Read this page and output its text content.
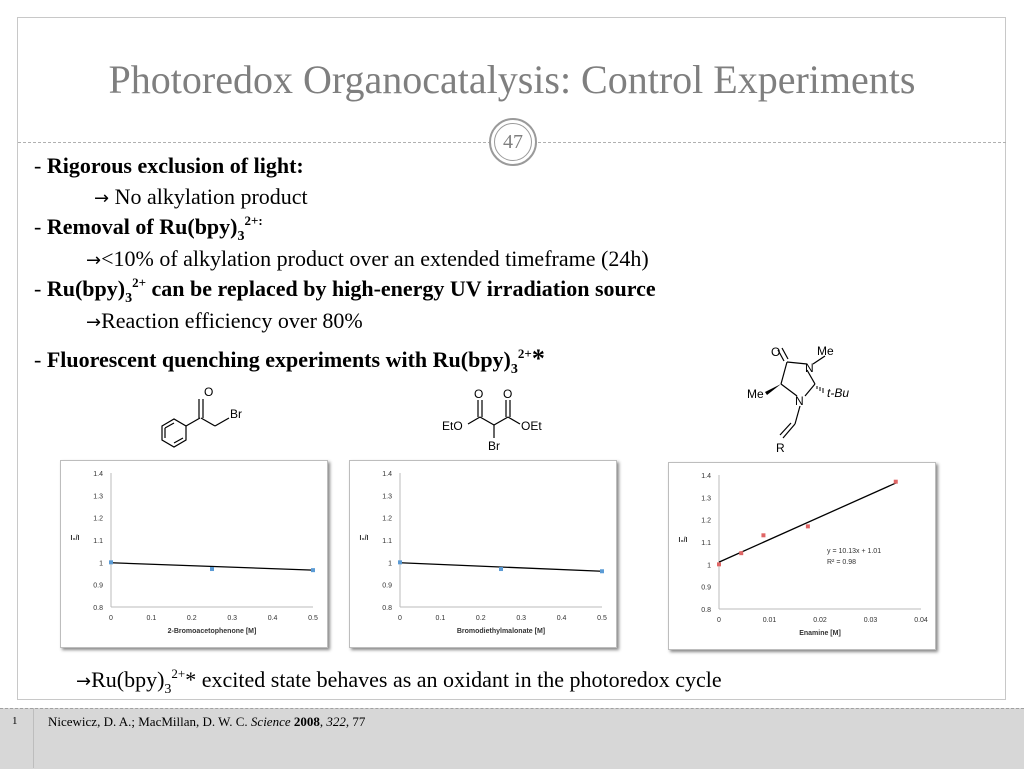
Photoredox Organocatalysis: Control Experiments
47
- Rigorous exclusion of light:
→ No alkylation product
- Removal of $Ru(bpy)_3^{2+:}$
→<10% of alkylation product over an extended timeframe (24h)
- $Ru(bpy)_3^{2+}$ can be replaced by high-energy UV irradiation source
→Reaction efficiency over 80%
- Fluorescent quenching experiments with $Ru(bpy)_3^{2+}*$
O
Br
O O
EtO	OEt
Br
O
N
N
Me
Me	t-Bu
R
0.8
0.9
1
1.1
1.2
1.3
1.4
0	0.1	0.2	0.3	0.4	0.5
I₀/I
2-Bromoacetophenone [M]
0.8
0.9
1
1.1
1.2
1.3
1.4
0	0.1	0.2	0.3	0.4	0.5
I₀/I
Bromodiethylmalonate [M]
0.8
0.9
1
1.1
1.2
1.3
1.4
0	0.01	0.02	0.03	0.04
I₀/I
Enamine [M]
y = 10.13x + 1.01
R² = 0.98
$\to Ru(bpy)_3^{2+}*$ excited state behaves as an oxidant in the photoredox cycle
1 Nicewicz, D. A.; MacMillan, D. W. C. Science 2008, 322, 77
